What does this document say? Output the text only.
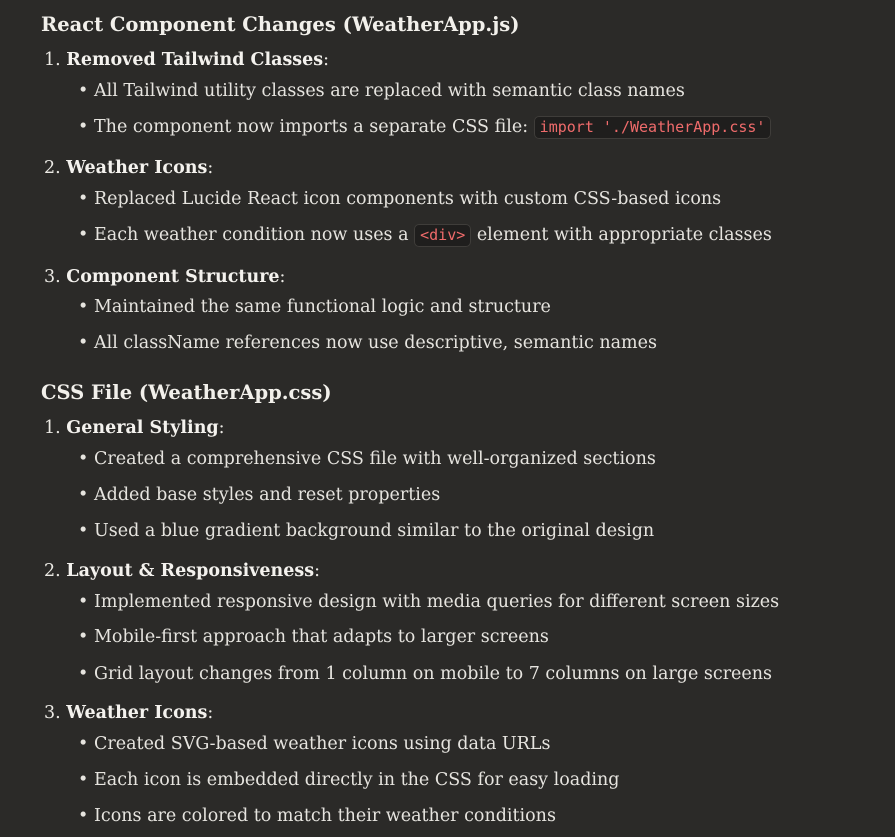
React Component Changes (WeatherApp.js)
1. Removed Tailwind Classes:
• All Tailwind utility classes are replaced with semantic class names
• The component now imports a separate CSS file: import './WeatherApp.css'
2. Weather Icons:
• Replaced Lucide React icon components with custom CSS-based icons
• Each weather condition now uses a <div> element with appropriate classes
3. Component Structure:
• Maintained the same functional logic and structure
• All className references now use descriptive, semantic names
CSS File (WeatherApp.css)
1. General Styling:
• Created a comprehensive CSS file with well-organized sections
• Added base styles and reset properties
• Used a blue gradient background similar to the original design
2. Layout & Responsiveness:
• Implemented responsive design with media queries for different screen sizes
• Mobile-first approach that adapts to larger screens
• Grid layout changes from 1 column on mobile to 7 columns on large screens
3. Weather Icons:
• Created SVG-based weather icons using data URLs
• Each icon is embedded directly in the CSS for easy loading
• Icons are colored to match their weather conditions
